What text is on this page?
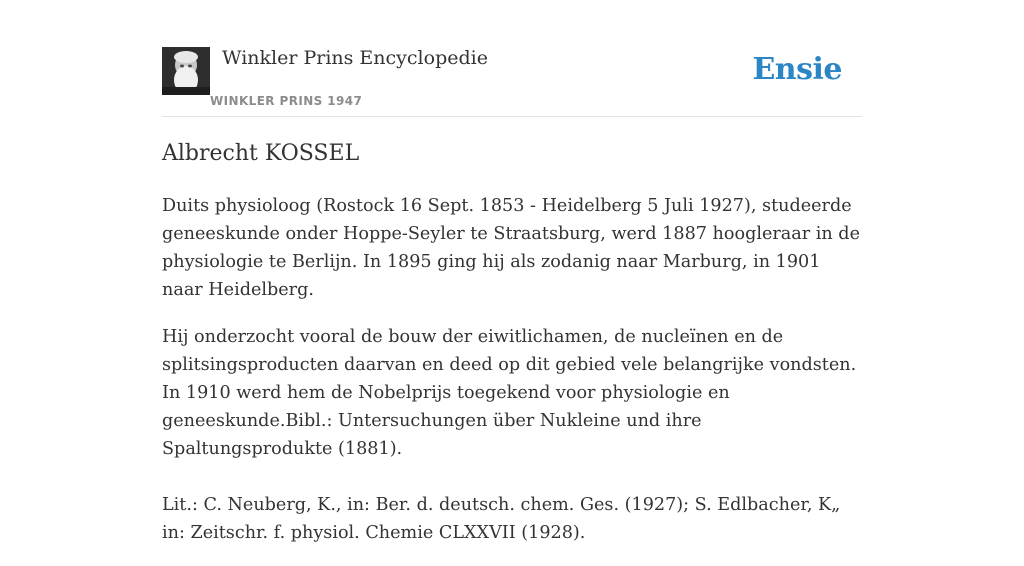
Winkler Prins Encyclopedie
WINKLER PRINS 1947
Ensie
Albrecht KOSSEL

Duits physioloog (Rostock 16 Sept. 1853 - Heidelberg 5 Juli 1927), studeerde geneeskunde onder Hoppe-Seyler te Straatsburg, werd 1887 hoogleraar in de physiologie te Berlijn. In 1895 ging hij als zodanig naar Marburg, in 1901 naar Heidelberg.

Hij onderzocht vooral de bouw der eiwitlichamen, de nucleïnen en de splitsingsproducten daarvan en deed op dit gebied vele belangrijke vondsten. In 1910 werd hem de Nobelprijs toegekend voor physiologie en geneeskunde.Bibl.: Untersuchungen über Nukleine und ihre Spaltungsprodukte (1881).

Lit.: C. Neuberg, K., in: Ber. d. deutsch. chem. Ges. (1927); S. Edlbacher, K„ in: Zeitschr. f. physiol. Chemie CLXXVII (1928).
